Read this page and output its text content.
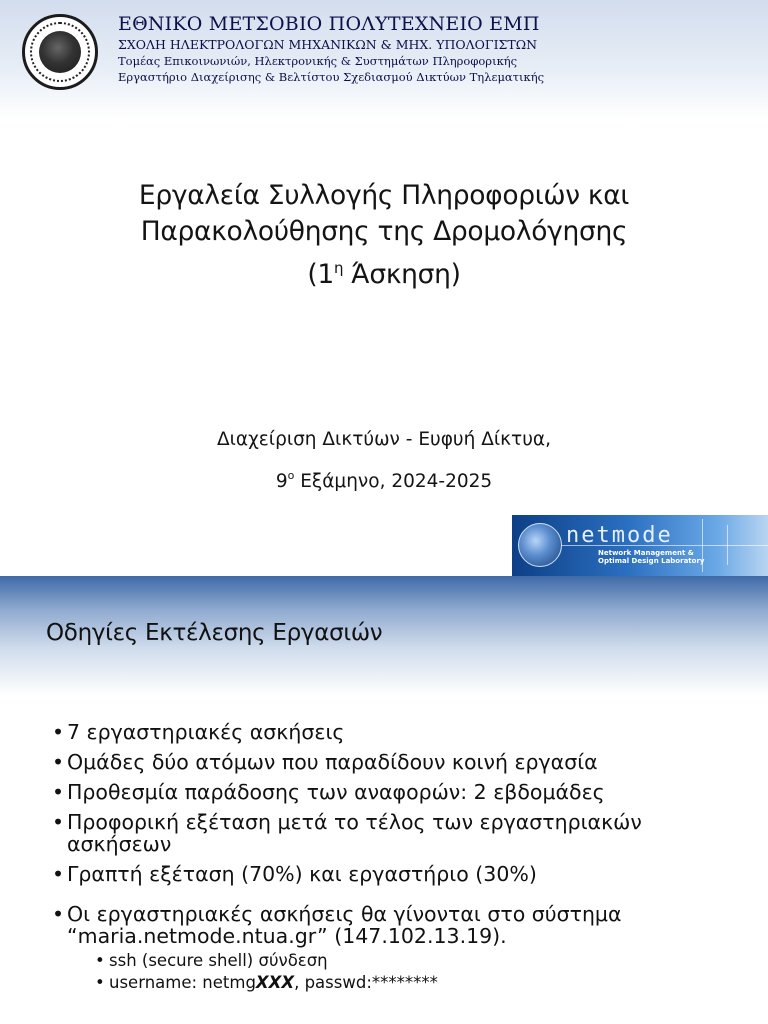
ΕΘΝΙΚΟ ΜΕΤΣΟΒΙΟ ΠΟΛΥΤΕΧΝΕΙΟ ΕΜΠ
ΣΧΟΛΗ ΗΛΕΚΤΡΟΛΟΓΩΝ ΜΗΧΑΝΙΚΩΝ & ΜΗΧ. ΥΠΟΛΟΓΙΣΤΩΝ
Τομέας Επικοινωνιών, Ηλεκτρονικής & Συστημάτων Πληροφορικής
Εργαστήριο Διαχείρισης & Βελτίστου Σχεδιασμού Δικτύων Τηλεματικής
Εργαλεία Συλλογής Πληροφοριών και
Παρακολούθησης της Δρομολόγησης
($1^\eta$ Άσκηση)
Διαχείριση Δικτύων - Ευφυή Δίκτυα,
$9^o$ Εξάμηνο, 2024-2025
netmode
Network Management &
Optimal Design Laboratory
Οδηγίες Εκτέλεσης Εργασιών
• 7 εργαστηριακές ασκήσεις
• Ομάδες δύο ατόμων που παραδίδουν κοινή εργασία
• Προθεσμία παράδοσης των αναφορών: 2 εβδομάδες
• Προφορική εξέταση μετά το τέλος των εργαστηριακών ασκήσεων
• Γραπτή εξέταση (70%) και εργαστήριο (30%)
• Οι εργαστηριακές ασκήσεις θα γίνονται στο σύστημα “maria.netmode.ntua.gr” (147.102.13.19).
• ssh (secure shell) σύνδεση
• username: netmgXXX, passwd:********
